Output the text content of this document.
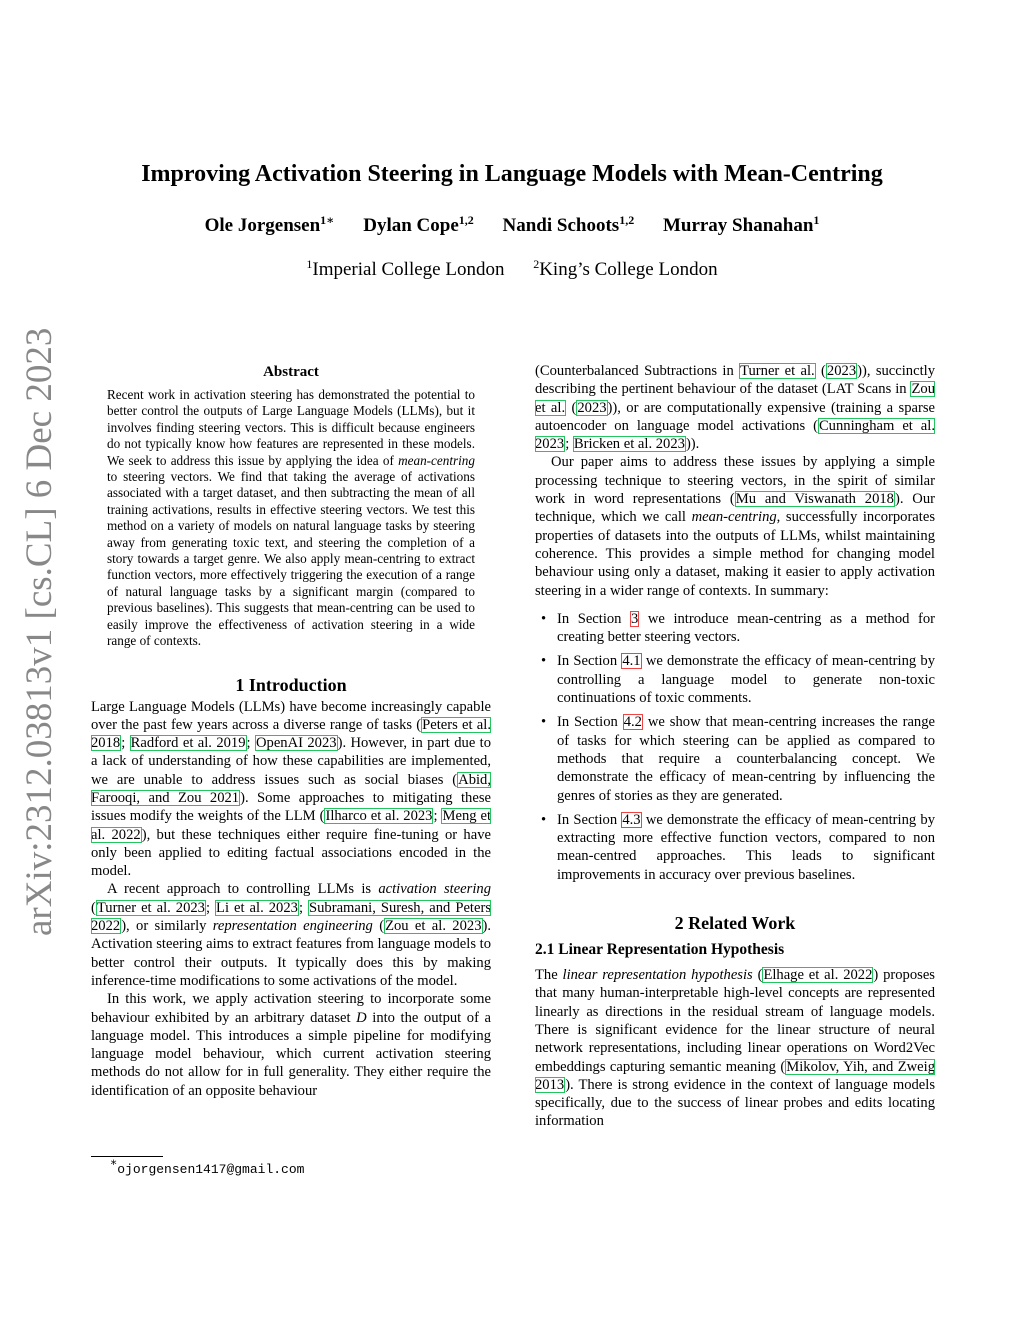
Improving Activation Steering in Language Models with Mean-Centring
Ole Jorgensen$^{1∗}$ Dylan Cope$^{1,2}$ Nandi Schoots$^{1,2}$ Murray Shanahan$^1$
$^1$Imperial College London $^2$King’s College London
arXiv:2312.03813v1 [cs.CL] 6 Dec 2023	Abstract
Recent work in activation steering has demonstrated the potential to better control the outputs of Large Language Models (LLMs), but it involves finding steering vectors. This is difficult because engineers do not typically know how features are represented in these models. We seek to address this issue by applying the idea of mean-centring to steering vectors. We find that taking the average of activations associated with a target dataset, and then subtracting the mean of all training activations, results in effective steering vectors. We test this method on a variety of models on natural language tasks by steering away from generating toxic text, and steering the completion of a story towards a target genre. We also apply mean-centring to extract function vectors, more effectively triggering the execution of a range of natural language tasks by a significant margin (compared to previous baselines). This suggests that mean-centring can be used to easily improve the effectiveness of activation steering in a wide range of contexts.
1 Introduction

Large Language Models (LLMs) have become increasingly capable over the past few years across a diverse range of tasks (Peters et al. 2018; Radford et al. 2019; OpenAI 2023). However, in part due to a lack of understanding of how these capabilities are implemented, we are unable to address issues such as social biases (Abid, Farooqi, and Zou 2021). Some approaches to mitigating these issues modify the weights of the LLM (Ilharco et al. 2023; Meng et al. 2022), but these techniques either require fine-tuning or have only been applied to editing factual associations encoded in the model.

A recent approach to controlling LLMs is activation steering (Turner et al. 2023; Li et al. 2023; Subramani, Suresh, and Peters 2022), or similarly representation engineering (Zou et al. 2023). Activation steering aims to extract features from language models to better control their outputs. It typically does this by making inference-time modifications to some activations of the model.

In this work, we apply activation steering to incorporate some behaviour exhibited by an arbitrary dataset D into the output of a language model. This introduces a simple pipeline for modifying language model behaviour, which current activation steering methods do not allow for in full generality. They either require the identification of an opposite behaviour

(Counterbalanced Subtractions in Turner et al. (2023)), succinctly describing the pertinent behaviour of the dataset (LAT Scans in Zou et al. (2023)), or are computationally expensive (training a sparse autoencoder on language model activations (Cunningham et al. 2023; Bricken et al. 2023)).

Our paper aims to address these issues by applying a simple processing technique to steering vectors, in the spirit of similar work in word representations (Mu and Viswanath 2018). Our technique, which we call mean-centring, successfully incorporates properties of datasets into the outputs of LLMs, whilst maintaining coherence. This provides a simple method for changing model behaviour using only a dataset, making it easier to apply activation steering in a wider range of contexts. In summary:

• In Section 3 we introduce mean-centring as a method for creating better steering vectors.
• In Section 4.1 we demonstrate the efficacy of mean-centring by controlling a language model to generate non-toxic continuations of toxic comments.
• In Section 4.2 we show that mean-centring increases the range of tasks for which steering can be applied as compared to methods that require a counterbalancing concept. We demonstrate the efficacy of mean-centring by influencing the genres of stories as they are generated.
• In Section 4.3 we demonstrate the efficacy of mean-centring by extracting more effective function vectors, compared to non mean-centred approaches. This leads to significant improvements in accuracy over previous baselines.
2 Related Work
2.1 Linear Representation Hypothesis

The linear representation hypothesis (Elhage et al. 2022) proposes that many human-interpretable high-level concepts are represented linearly as directions in the residual stream of language models. There is significant evidence for the linear structure of neural network representations, including linear operations on Word2Vec embeddings capturing semantic meaning (Mikolov, Yih, and Zweig 2013). There is strong evidence in the context of language models specifically, due to the success of linear probes and edits locating information

∗ojorgensen1417@gmail.com
